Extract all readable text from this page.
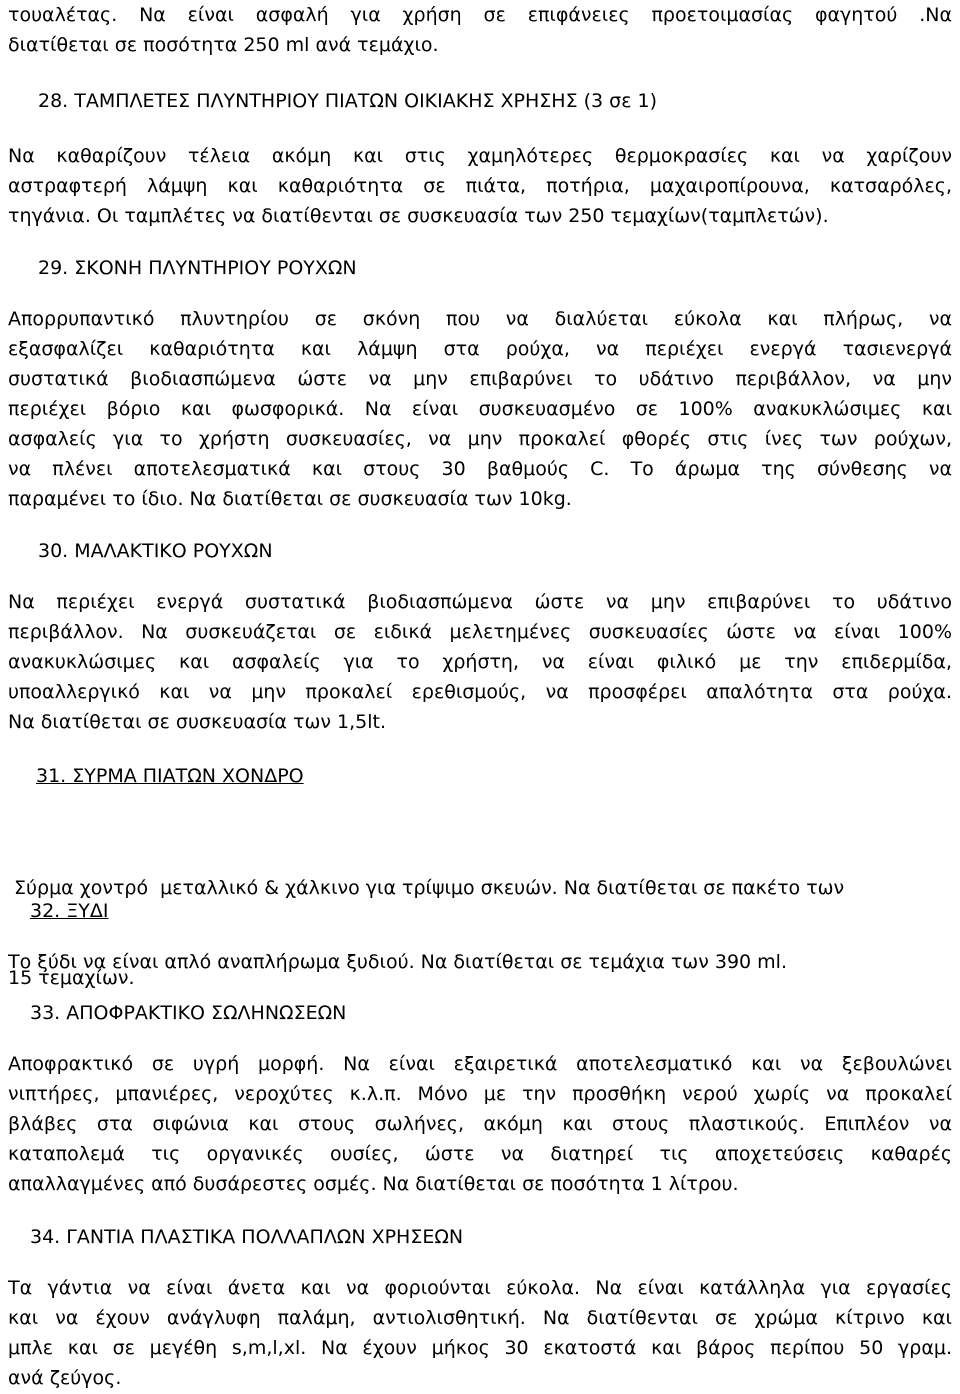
τουαλέτας. Να είναι ασφαλή για χρήση σε επιφάνειες προετοιμασίας φαγητού .Να
διατίθεται σε ποσότητα 250 ml ανά τεμάχιο.
28. ΤΑΜΠΛΕΤΕΣ ΠΛΥΝΤΗΡΙΟΥ ΠΙΑΤΩΝ ΟΙΚΙΑΚΗΣ ΧΡΗΣΗΣ (3 σε 1)
Να καθαρίζουν τέλεια ακόμη και στις χαμηλότερες θερμοκρασίες και να χαρίζουν
αστραφτερή λάμψη και καθαριότητα σε πιάτα, ποτήρια, μαχαιροπίρουνα, κατσαρόλες,
τηγάνια. Οι ταμπλέτες να διατίθενται σε συσκευασία των 250 τεμαχίων(ταμπλετών).
29. ΣΚΟΝΗ ΠΛΥΝΤΗΡΙΟΥ ΡΟΥΧΩΝ
Απορρυπαντικό πλυντηρίου σε σκόνη που να διαλύεται εύκολα και πλήρως, να
εξασφαλίζει καθαριότητα και λάμψη στα ρούχα, να περιέχει ενεργά τασιενεργά
συστατικά βιοδιασπώμενα ώστε να μην επιβαρύνει το υδάτινο περιβάλλον, να μην
περιέχει βόριο και φωσφορικά. Να είναι συσκευασμένο σε 100% ανακυκλώσιμες και
ασφαλείς για το χρήστη συσκευασίες, να μην προκαλεί φθορές στις ίνες των ρούχων,
να πλένει αποτελεσματικά και στους 30 βαθμούς C. Το άρωμα της σύνθεσης να
παραμένει το ίδιο. Να διατίθεται σε συσκευασία των 10kg.
30. ΜΑΛΑΚΤΙΚΟ ΡΟΥΧΩΝ
Να περιέχει ενεργά συστατικά βιοδιασπώμενα ώστε να μην επιβαρύνει το υδάτινο
περιβάλλον. Να συσκευάζεται σε ειδικά μελετημένες συσκευασίες ώστε να είναι 100%
ανακυκλώσιμες και ασφαλείς για το χρήστη, να είναι φιλικό με την επιδερμίδα,
υποαλλεργικό και να μην προκαλεί ερεθισμούς, να προσφέρει απαλότητα στα ρούχα.
Να διατίθεται σε συσκευασία των 1,5lt.
31. ΣΥΡΜΑ ΠΙΑΤΩΝ ΧΟΝΔΡΟ

Σύρμα χοντρό  μεταλλικό & χάλκινο για τρίψιμο σκευών. Να διατίθεται σε πακέτο των

15 τεμαχίων.

32. ΞΥΔΙ
Το ξύδι να είναι απλό αναπλήρωμα ξυδιού. Να διατίθεται σε τεμάχια των 390 ml.
33. ΑΠΟΦΡΑΚΤΙΚΟ ΣΩΛΗΝΩΣΕΩΝ
Αποφρακτικό σε υγρή μορφή. Να είναι εξαιρετικά αποτελεσματικό και να ξεβουλώνει
νιπτήρες, μπανιέρες, νεροχύτες κ.λ.π. Μόνο με την προσθήκη νερού χωρίς να προκαλεί
βλάβες στα σιφώνια και στους σωλήνες, ακόμη και στους πλαστικούς. Επιπλέον να
καταπολεμά τις οργανικές ουσίες, ώστε να διατηρεί τις αποχετεύσεις καθαρές
απαλλαγμένες από δυσάρεστες οσμές. Να διατίθεται σε ποσότητα 1 λίτρου.
34. ΓΑΝΤΙΑ ΠΛΑΣΤΙΚΑ ΠΟΛΛΑΠΛΩΝ ΧΡΗΣΕΩΝ
Τα γάντια να είναι άνετα και να φοριούνται εύκολα. Να είναι κατάλληλα για εργασίες
και να έχουν ανάγλυφη παλάμη, αντιολισθητική. Να διατίθενται σε χρώμα κίτρινο και
μπλε και σε μεγέθη s,m,l,xl. Να έχουν μήκος 30 εκατοστά και βάρος περίπου 50 γραμ.
ανά ζεύγος.
